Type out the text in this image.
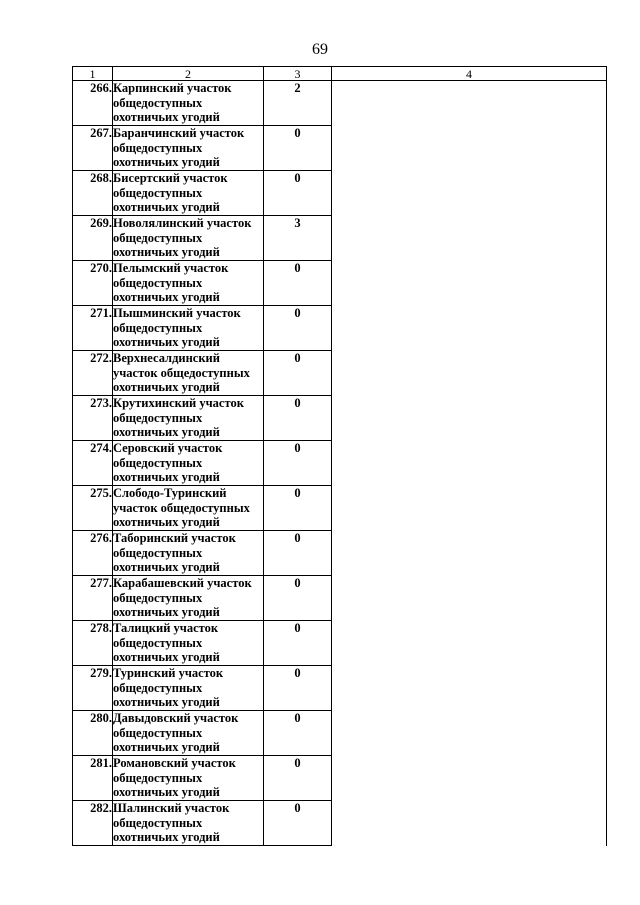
69
1	2	3	4
266.	Карпинский участок
общедоступных
охотничьих угодий	2	
267.	Баранчинский участок
общедоступных
охотничьих угодий	0	
268.	Бисертский участок
общедоступных
охотничьих угодий	0	
269.	Новолялинский участок
общедоступных
охотничьих угодий	3	
270.	Пелымский участок
общедоступных
охотничьих угодий	0	
271.	Пышминский участок
общедоступных
охотничьих угодий	0	
272.	Верхнесалдинский
участок общедоступных
охотничьих угодий	0	
273.	Крутихинский участок
общедоступных
охотничьих угодий	0	
274.	Серовский участок
общедоступных
охотничьих угодий	0	
275.	Слободо-Туринский
участок общедоступных
охотничьих угодий	0	
276.	Таборинский участок
общедоступных
охотничьих угодий	0	
277.	Карабашевский участок
общедоступных
охотничьих угодий	0	
278.	Талицкий участок
общедоступных
охотничьих угодий	0	
279.	Туринский участок
общедоступных
охотничьих угодий	0	
280.	Давыдовский участок
общедоступных
охотничьих угодий	0	
281.	Романовский участок
общедоступных
охотничьих угодий	0	
282.	Шалинский участок
общедоступных
охотничьих угодий	0	
